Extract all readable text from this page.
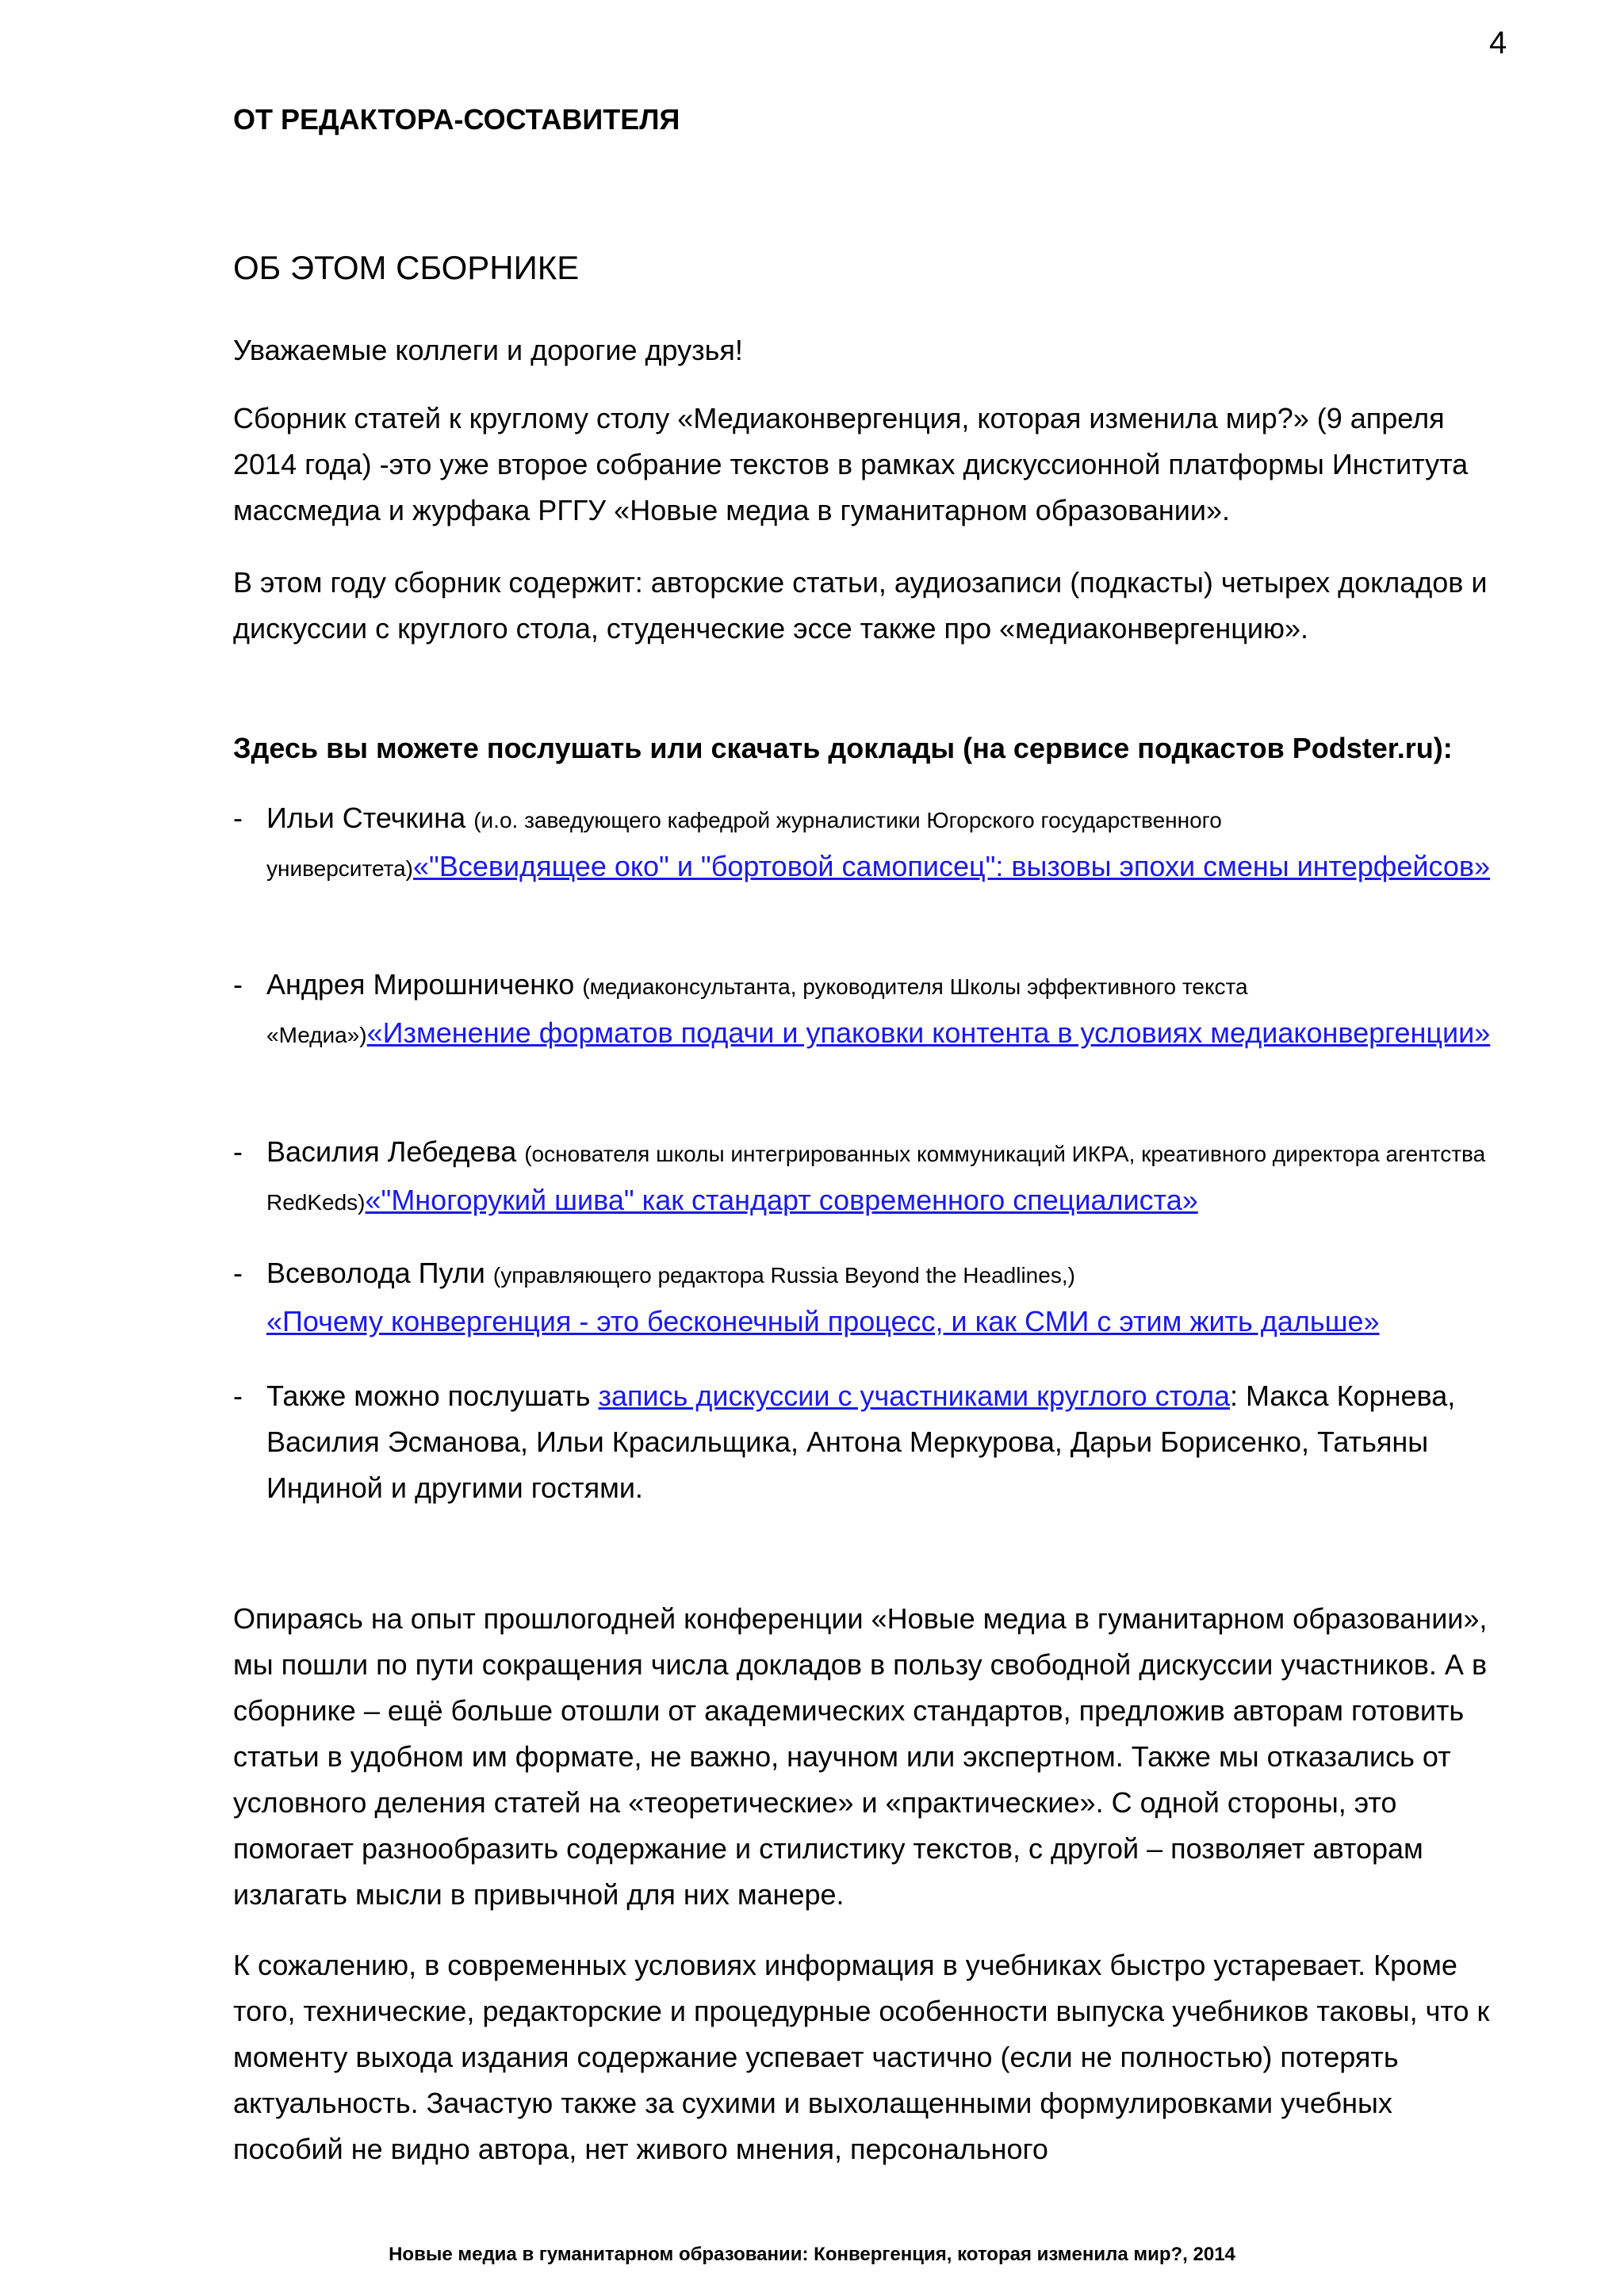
4
ОТ РЕДАКТОРА-СОСТАВИТЕЛЯ
ОБ ЭТОМ СБОРНИКЕ

Уважаемые коллеги и дорогие друзья!

Сборник статей к круглому столу «Медиаконвергенция, которая изменила мир?» (9 апреля 2014 года) -это уже второе собрание текстов в рамках дискуссионной платформы Института массмедиа и журфака РГГУ «Новые медиа в гуманитарном образовании».

В этом году сборник содержит: авторские статьи, аудиозаписи (подкасты) четырех докладов и дискуссии с круглого стола, студенческие эссе также про «медиаконвергенцию».

Здесь вы можете послушать или скачать доклады (на сервисе подкастов Podster.ru):

- Ильи Стечкина (и.о. заведующего кафедрой журналистики Югорского государственного университета)«"Всевидящее око" и "бортовой самописец": вызовы эпохи смены интерфейсов»
- Андрея Мирошниченко (медиаконсультанта, руководителя Школы эффективного текста «Медиа»)«Изменение форматов подачи и упаковки контента в условиях медиаконвергенции»
- Василия Лебедева (основателя школы интегрированных коммуникаций ИКРА, креативного директора агентства RedKeds)«"Многорукий шива" как стандарт современного специалиста»
- Всеволода Пули (управляющего редактора Russia Beyond the Headlines,)
«Почему конвергенция - это бесконечный процесс, и как СМИ с этим жить дальше»
- Также можно послушать запись дискуссии с участниками круглого стола: Макса Корнева, Василия Эсманова, Ильи Красильщика, Антона Меркурова, Дарьи Борисенко, Татьяны Индиной и другими гостями.

Опираясь на опыт прошлогодней конференции «Новые медиа в гуманитарном образовании», мы пошли по пути сокращения числа докладов в пользу свободной дискуссии участников. А в сборнике – ещё больше отошли от академических стандартов, предложив авторам готовить статьи в удобном им формате, не важно, научном или экспертном. Также мы отказались от условного деления статей на «теоретические» и «практические». С одной стороны, это помогает разнообразить содержание и стилистику текстов, с другой – позволяет авторам излагать мысли в привычной для них манере.

К сожалению, в современных условиях информация в учебниках быстро устаревает. Кроме того, технические, редакторские и процедурные особенности выпуска учебников таковы, что к моменту выхода издания содержание успевает частично (если не полностью) потерять актуальность. Зачастую также за сухими и выхолащенными формулировками учебных пособий не видно автора, нет живого мнения, персонального

Новые медиа в гуманитарном образовании: Конвергенция, которая изменила мир?, 2014
